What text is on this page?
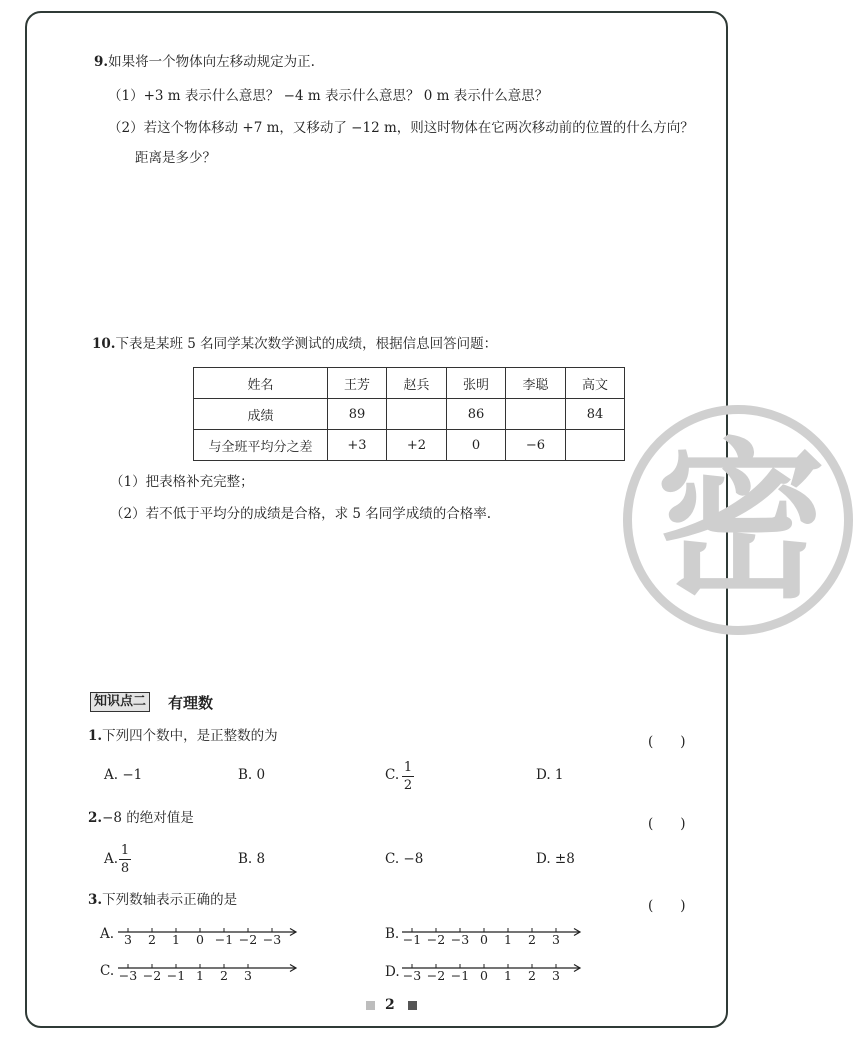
9.如果将一个物体向左移动规定为正.
（1）+3 m 表示什么意思？ −4 m 表示什么意思？ 0 m 表示什么意思？
（2）若这个物体移动 +7 m，又移动了 −12 m，则这时物体在它两次移动前的位置的什么方向？
距离是多少？
密
10.下表是某班 5 名同学某次数学测试的成绩，根据信息回答问题：
姓名	王芳	赵兵	张明	李聪	高文
成绩	89		86		84
与全班平均分之差	+3	+2	0	−6	
（1）把表格补充完整；
（2）若不低于平均分的成绩是合格，求 5 名同学成绩的合格率.
知识点二 有理数
1.下列四个数中，是正整数的为	(　　)
A. −1	B. 0	C. 1
2
D. 1
2.−8 的绝对值是	(　　)
A.
1
8
B. 8	C. −8	D. ±8
3.下列数轴表示正确的是	(　　)
A.	B.
C.	D.
3 2 1 0 −1 −2 −3	−1 −2 −3 0 1 2 3
−3 −2 −1 1 2 3	−3 −2 −1 0 1 2 3
2
